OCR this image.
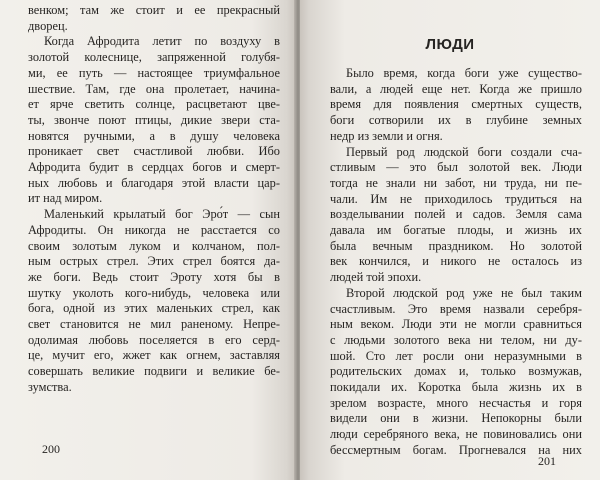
венком; там же стоит и ее прекрасный
дворец.
Когда Афродита летит по воздуху в
золотой колеснице, запряженной голубя-
ми, ее путь — настоящее триумфальное
шествие. Там, где она пролетает, начина-
ет ярче светить солнце, расцветают цве-
ты, звонче поют птицы, дикие звери ста-
новятся ручными, а в душу человека
проникает свет счастливой любви. Ибо
Афродита будит в сердцах богов и смерт-
ных любовь и благодаря этой власти цар-
ит над миром.
Маленький крылатый бог Эро́т — сын
Афродиты. Он никогда не расстается со
своим золотым луком и колчаном, пол-
ным острых стрел. Этих стрел боятся да-
же боги. Ведь стоит Эроту хотя бы в
шутку уколоть кого-нибудь, человека или
бога, одной из этих маленьких стрел, как
свет становится не мил раненому. Непре-
одолимая любовь поселяется в его серд-
це, мучит его, жжет как огнем, заставляя
совершать великие подвиги и великие бе-
зумства.
200
ЛЮДИ
Было время, когда боги уже существо-
вали, а людей еще нет. Когда же пришло
время для появления смертных существ,
боги сотворили их в глубине земных
недр из земли и огня.
Первый род людской боги создали сча-
стливым — это был золотой век. Люди
тогда не знали ни забот, ни труда, ни пе-
чали. Им не приходилось трудиться на
возделывании полей и садов. Земля сама
давала им богатые плоды, и жизнь их
была вечным праздником. Но золотой
век кончился, и никого не осталось из
людей той эпохи.
Второй людской род уже не был таким
счастливым. Это время назвали серебря-
ным веком. Люди эти не могли сравниться
с людьми золотого века ни телом, ни ду-
шой. Сто лет росли они неразумными в
родительских домах и, только возмужав,
покидали их. Коротка была жизнь их в
зрелом возрасте, много несчастья и горя
видели они в жизни. Непокорны были
люди серебряного века, не повиновались они
бессмертным богам. Прогневался на них
201
